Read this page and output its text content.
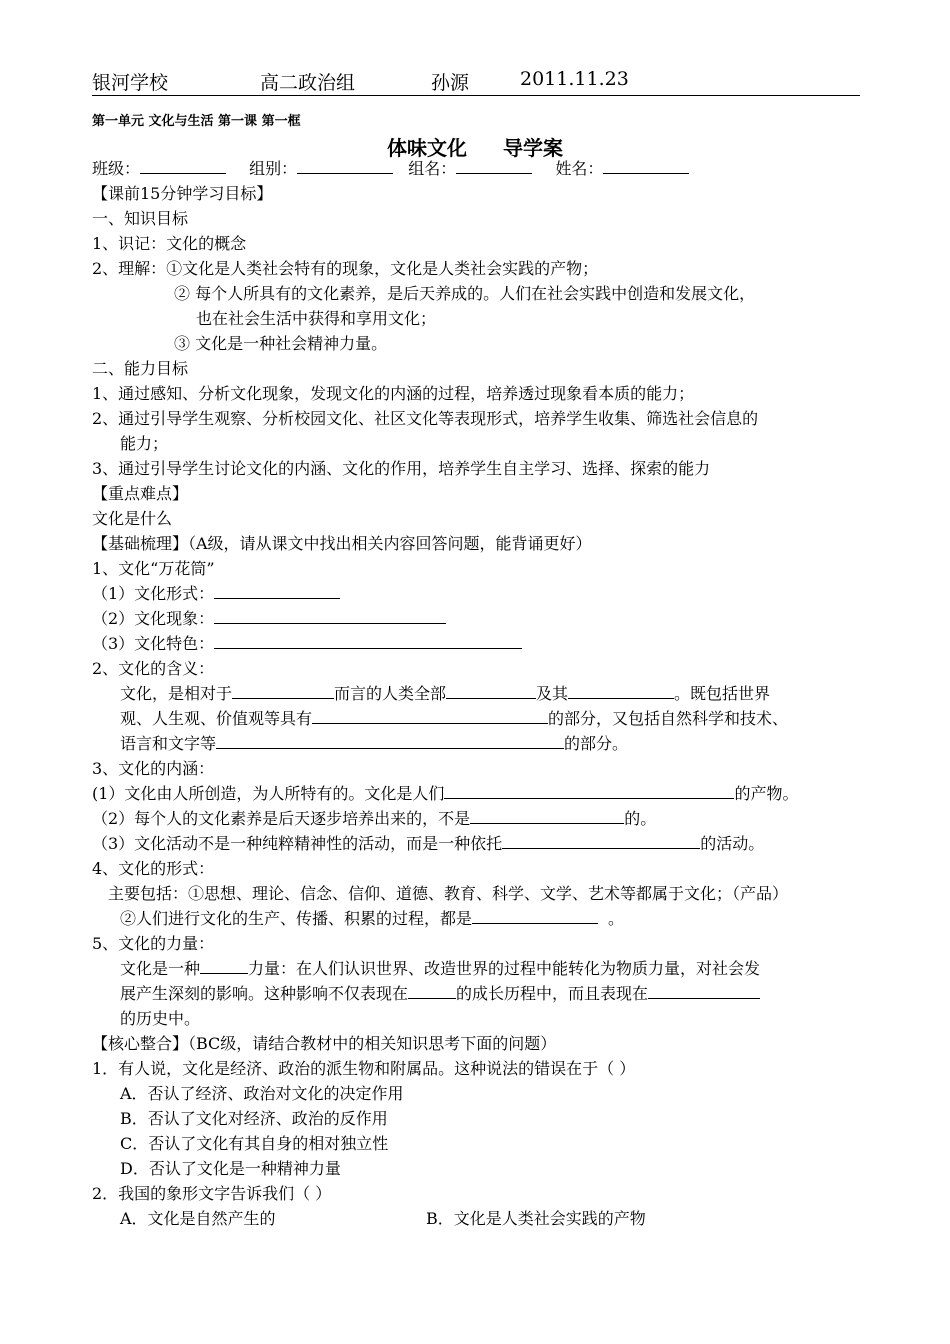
银河学校	高二政治组	孙源	2011.11.23
第一单元 文化与生活 第一课 第一框
体味文化 导学案
班级：	组别：	组名：	姓名：
【课前15分钟学习目标】
一、知识目标
1、识记：文化的概念
2、理解：①文化是人类社会特有的现象，文化是人类社会实践的产物；
② 每个人所具有的文化素养，是后天养成的。人们在社会实践中创造和发展文化，
也在社会生活中获得和享用文化；
③ 文化是一种社会精神力量。
二、能力目标
1、通过感知、分析文化现象，发现文化的内涵的过程，培养透过现象看本质的能力；
2、通过引导学生观察、分析校园文化、社区文化等表现形式，培养学生收集、筛选社会信息的
能力；
3、通过引导学生讨论文化的内涵、文化的作用，培养学生自主学习、选择、探索的能力
【重点难点】
文化是什么
【基础梳理】（A级，请从课文中找出相关内容回答问题，能背诵更好）
1、文化“万花筒”
（1）文化形式：
（2）文化现象：
（3）文化特色：
2、文化的含义：
文化，是相对于	而言的人类全部	及其	。既包括世界
观、人生观、价值观等具有	的部分，又包括自然科学和技术、
语言和文字等	的部分。
3、文化的内涵：
(1）文化由人所创造，为人所特有的。文化是人们	的产物。
（2）每个人的文化素养是后天逐步培养出来的，不是	的。
（3）文化活动不是一种纯粹精神性的活动，而是一种依托	的活动。
4、文化的形式：
主要包括：①思想、理论、信念、信仰、道德、教育、科学、文学、艺术等都属于文化；（产品）
②人们进行文化的生产、传播、积累的过程，都是	。
5、文化的力量：
文化是一种	力量：在人们认识世界、改造世界的过程中能转化为物质力量，对社会发
展产生深刻的影响。这种影响不仅表现在	的成长历程中，而且表现在
的历史中。
【核心整合】（BC级，请结合教材中的相关知识思考下面的问题）
1．有人说，文化是经济、政治的派生物和附属品。这种说法的错误在于（ ）
A．否认了经济、政治对文化的决定作用
B．否认了文化对经济、政治的反作用
C．否认了文化有其自身的相对独立性
D．否认了文化是一种精神力量
2．我国的象形文字告诉我们（ ）
A．文化是自然产生的	B．文化是人类社会实践的产物
